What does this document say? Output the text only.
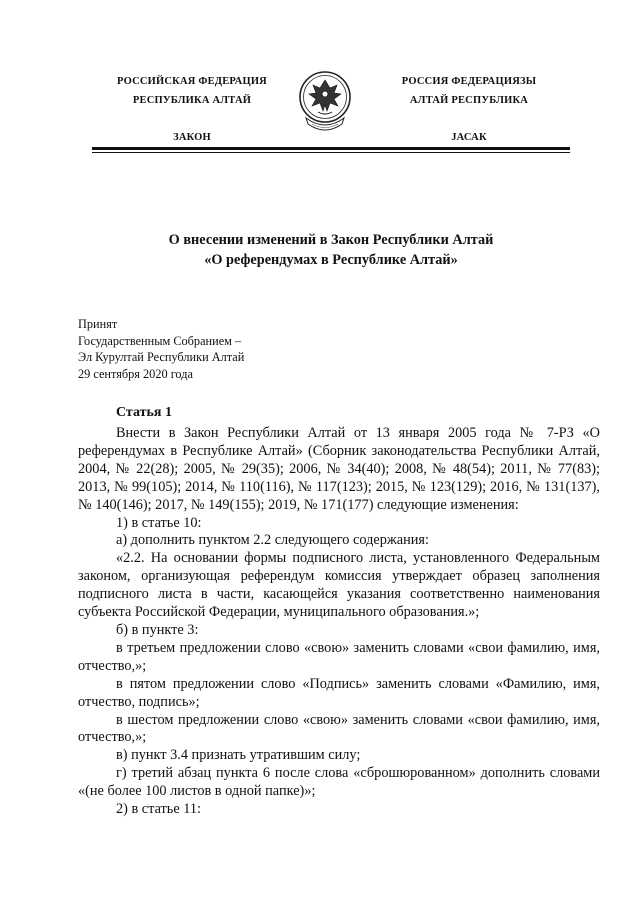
РОССИЙСКАЯ ФЕДЕРАЦИЯ
РЕСПУБЛИКА АЛТАЙ
ЗАКОН
РОССИЯ ФЕДЕРАЦИЯЗЫ
АЛТАЙ РЕСПУБЛИКА
JАСАК
О внесении изменений в Закон Республики Алтай
«О референдумах в Республике Алтай»
Принят
Государственным Собранием –
Эл Курултай Республики Алтай
29 сентября 2020 года
Статья 1

Внести в Закон Республики Алтай от 13 января 2005 года № 7-РЗ «О референдумах в Республике Алтай» (Сборник законодательства Республики Алтай, 2004, № 22(28); 2005, № 29(35); 2006, № 34(40); 2008, № 48(54); 2011, № 77(83); 2013, № 99(105); 2014, № 110(116), № 117(123); 2015, № 123(129); 2016, № 131(137), № 140(146); 2017, № 149(155); 2019, № 171(177) следующие изменения:

1) в статье 10:

а) дополнить пунктом 2.2 следующего содержания:

«2.2. На основании формы подписного листа, установленного Федеральным законом, организующая референдум комиссия утверждает образец заполнения подписного листа в части, касающейся указания соответственно наименования субъекта Российской Федерации, муниципального образования.»;

б) в пункте 3:

в третьем предложении слово «свою» заменить словами «свои фамилию, имя, отчество,»;

в пятом предложении слово «Подпись» заменить словами «Фамилию, имя, отчество, подпись»;

в шестом предложении слово «свою» заменить словами «свои фамилию, имя, отчество,»;

в) пункт 3.4 признать утратившим силу;

г) третий абзац пункта 6 после слова «сброшюрованном» дополнить словами «(не более 100 листов в одной папке)»;

2) в статье 11:
